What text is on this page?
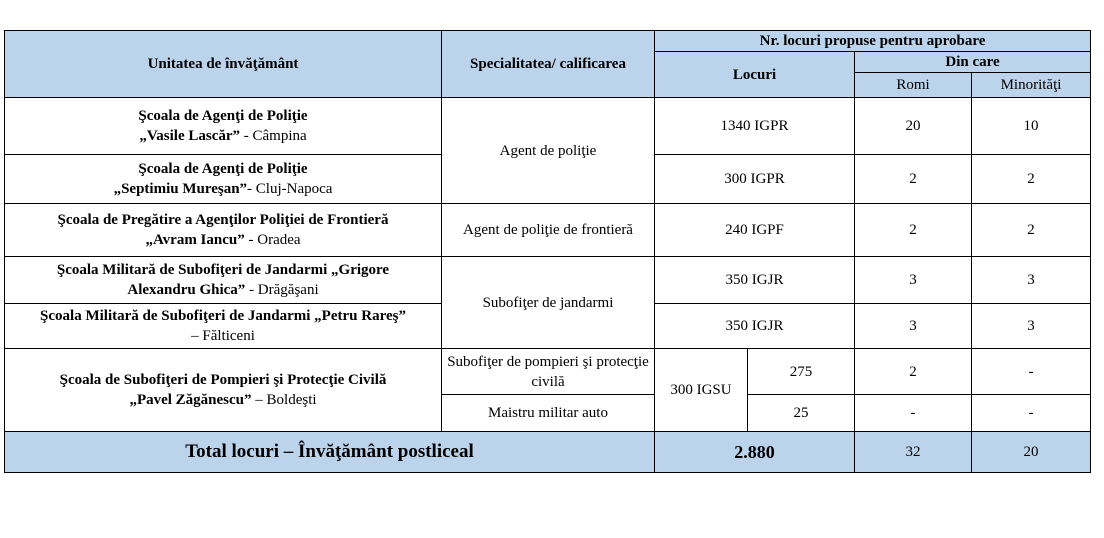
Unitatea de învăţământ	Specialitatea/ calificarea	Nr. locuri propuse pentru aprobare			
		Locuri		Din care	
				Romi	Minorităţi

Şcoala de Agenţi de Poliţie
„Vasile Lascăr” - Câmpina	Agent de poliţie	1340 IGPR		20	10

Şcoala de Agenţi de Poliţie
„Septimiu Mureşan”- Cluj-Napoca		300 IGPR		2	2

Şcoala de Pregătire a Agenţilor Poliţiei de Frontieră
„Avram Iancu” - Oradea	Agent de poliţie de frontieră	240 IGPF		2	2

Şcoala Militară de Subofiţeri de Jandarmi „Grigore
Alexandru Ghica” - Drăgăşani	Subofiţer de jandarmi	350 IGJR		3	3

Şcoala Militară de Subofiţeri de Jandarmi „Petru Rareş”
– Fălticeni		350 IGJR		3	3

Şcoala de Subofiţeri de Pompieri şi Protecţie Civilă
„Pavel Zăgănescu” – Boldeşti	Subofiţer de pompieri şi protecţie civilă	300 IGSU	275	2	-
	Maistru militar auto		25	-	-
Total locuri – Învăţământ postliceal		2.880		32	20
